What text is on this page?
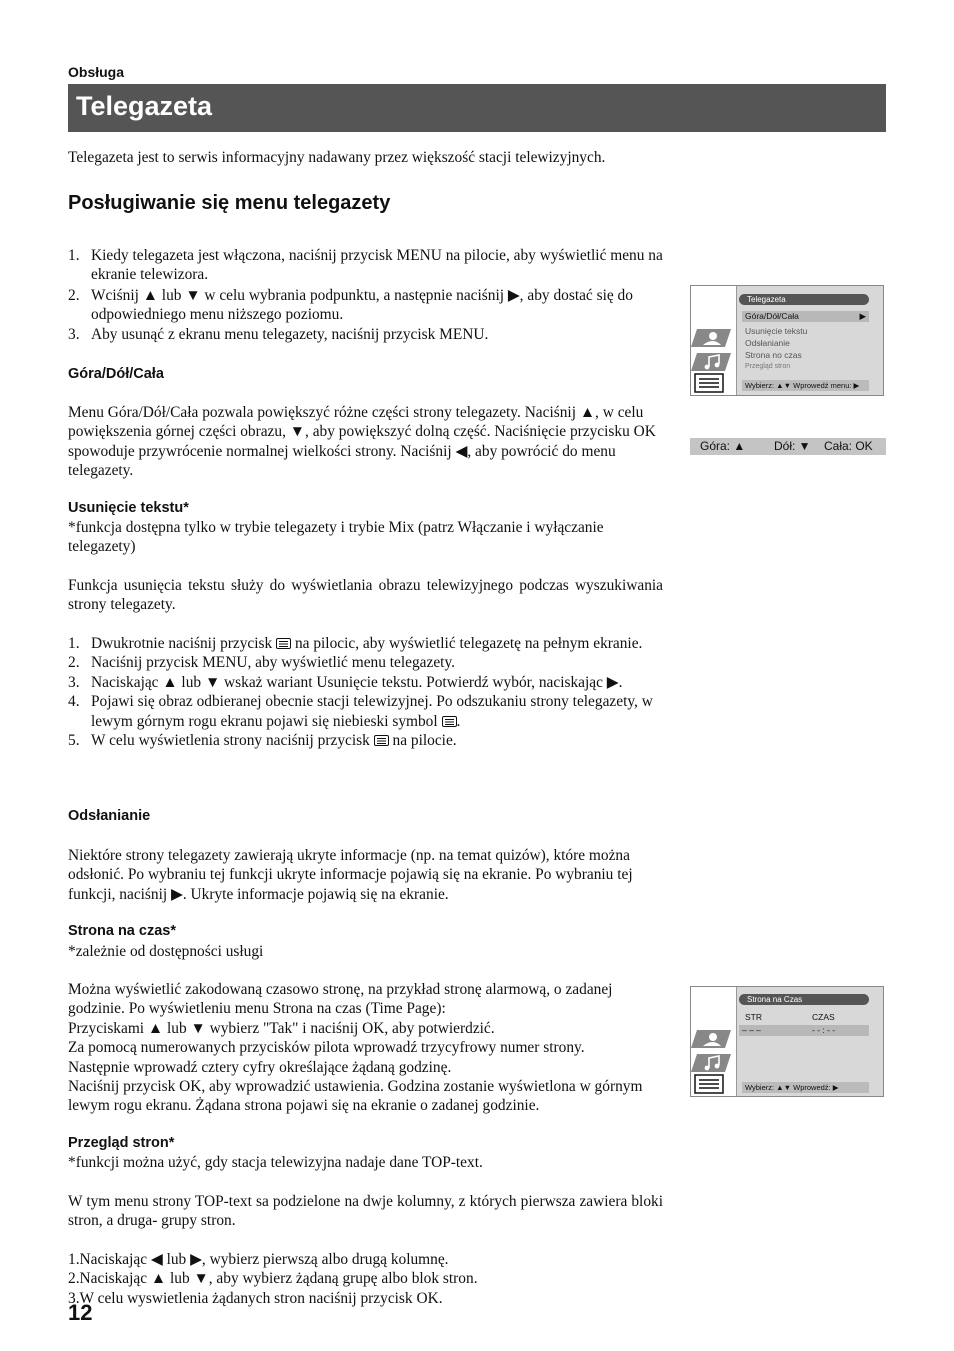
Obsługa
Telegazeta
Telegazeta jest to serwis informacyjny nadawany przez większość stacji telewizyjnych.
Posługiwanie się menu telegazety
1. Kiedy telegazeta jest włączona, naciśnij przycisk MENU na pilocie, aby wyświetlić menu na ekranie telewizora.
2. Wciśnij ▲ lub ▼ w celu wybrania podpunktu, a następnie naciśnij ▶, aby dostać się do odpowiedniego menu niższego poziomu.
3. Aby usunąć z ekranu menu telegazety, naciśnij przycisk MENU.
Góra/Dół/Cała
Menu Góra/Dół/Cała pozwala powiększyć różne części strony telegazety. Naciśnij ▲, w celu powiększenia górnej części obrazu, ▼, aby powiększyć dolną część. Naciśnięcie przycisku OK spowoduje przywrócenie normalnej wielkości strony. Naciśnij ◀, aby powrócić do menu telegazety.
Usunięcie tekstu*
*funkcja dostępna tylko w trybie telegazety i trybie Mix (patrz Włączanie i wyłączanie telegazety)
Funkcja usunięcia tekstu służy do wyświetlania obrazu telewizyjnego podczas wyszukiwania strony telegazety.
1. Dwukrotnie naciśnij przycisk na pilocic, aby wyświetlić telegazetę na pełnym ekranie.
2. Naciśnij przycisk MENU, aby wyświetlić menu telegazety.
3. Naciskając ▲ lub ▼ wskaż wariant Usunięcie tekstu. Potwierdź wybór, naciskając ▶.
4. Pojawi się obraz odbieranej obecnie stacji telewizyjnej. Po odszukaniu strony telegazety, w lewym górnym rogu ekranu pojawi się niebieski symbol .
5. W celu wyświetlenia strony naciśnij przycisk na pilocie.
Odsłanianie
Niektóre strony telegazety zawierają ukryte informacje (np. na temat quizów), które można odsłonić. Po wybraniu tej funkcji ukryte informacje pojawią się na ekranie. Po wybraniu tej funkcji, naciśnij ▶. Ukryte informacje pojawią się na ekranie.
Strona na czas*
*zależnie od dostępności usługi
Można wyświetlić zakodowaną czasowo stronę, na przykład stronę alarmową, o zadanej godzinie. Po wyświetleniu menu Strona na czas (Time Page):
Przyciskami ▲ lub ▼ wybierz "Tak" i naciśnij OK, aby potwierdzić.
Za pomocą numerowanych przycisków pilota wprowadź trzycyfrowy numer strony.
Następnie wprowadź cztery cyfry określające żądaną godzinę.
Naciśnij przycisk OK, aby wprowadzić ustawienia. Godzina zostanie wyświetlona w górnym lewym rogu ekranu. Żądana strona pojawi się na ekranie o zadanej godzinie.
Przegląd stron*
*funkcji można użyć, gdy stacja telewizyjna nadaje dane TOP-text.
W tym menu strony TOP-text sa podzielone na dwje kolumny, z których pierwsza zawiera bloki stron, a druga- grupy stron.
1.Naciskając ◀ lub ▶, wybierz pierwszą albo drugą kolumnę.
2.Naciskając ▲ lub ▼, aby wybierz żądaną grupę albo blok stron.
3.W celu wyswietlenia żądanych stron naciśnij przycisk OK.
12
Telegazeta
Góra/Dół/Cała	▶
Usunięcie tekstu
Odsłanianie
Strona no czas
Przegląd stron
Wybierz: ▲▼ Wprowedź menu: ▶
Góra: ▲ Dół: ▼ Cała: OK
Strona na Czas
STR	CZAS
– – –	- - : - -
Wybierz: ▲▼ Wprowedź: ▶
